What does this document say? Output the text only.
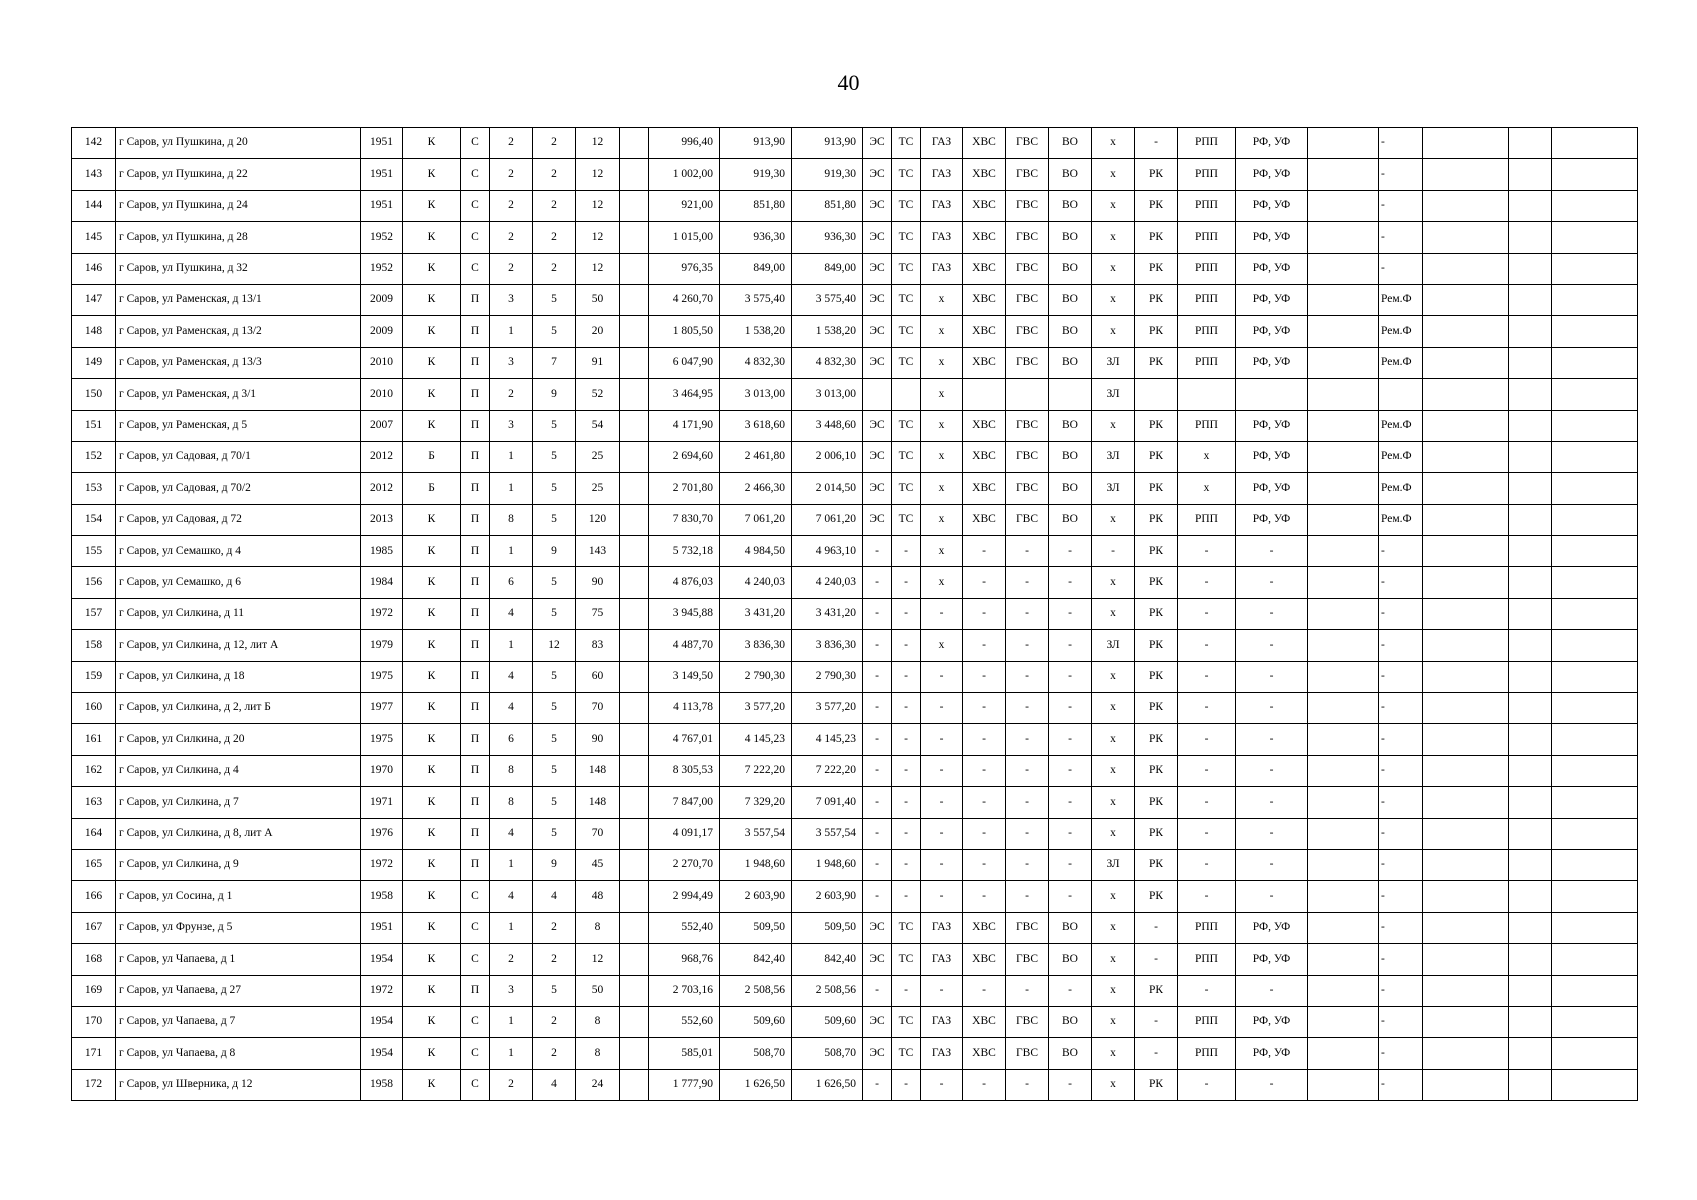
40
142	г Саров, ул Пушкина, д 20	1951	К	С	2	2	12		996,40	913,90	913,90	ЭС	ТС	ГАЗ	ХВС	ГВС	ВО	х	-	РПП	РФ, УФ		-			
143	г Саров, ул Пушкина, д 22	1951	К	С	2	2	12		1 002,00	919,30	919,30	ЭС	ТС	ГАЗ	ХВС	ГВС	ВО	х	РК	РПП	РФ, УФ		-			
144	г Саров, ул Пушкина, д 24	1951	К	С	2	2	12		921,00	851,80	851,80	ЭС	ТС	ГАЗ	ХВС	ГВС	ВО	х	РК	РПП	РФ, УФ		-			
145	г Саров, ул Пушкина, д 28	1952	К	С	2	2	12		1 015,00	936,30	936,30	ЭС	ТС	ГАЗ	ХВС	ГВС	ВО	х	РК	РПП	РФ, УФ		-			
146	г Саров, ул Пушкина, д 32	1952	К	С	2	2	12		976,35	849,00	849,00	ЭС	ТС	ГАЗ	ХВС	ГВС	ВО	х	РК	РПП	РФ, УФ		-			
147	г Саров, ул Раменская, д 13/1	2009	К	П	3	5	50		4 260,70	3 575,40	3 575,40	ЭС	ТС	х	ХВС	ГВС	ВО	х	РК	РПП	РФ, УФ		Рем.Ф			
148	г Саров, ул Раменская, д 13/2	2009	К	П	1	5	20		1 805,50	1 538,20	1 538,20	ЭС	ТС	х	ХВС	ГВС	ВО	х	РК	РПП	РФ, УФ		Рем.Ф			
149	г Саров, ул Раменская, д 13/3	2010	К	П	3	7	91		6 047,90	4 832,30	4 832,30	ЭС	ТС	х	ХВС	ГВС	ВО	ЗЛ	РК	РПП	РФ, УФ		Рем.Ф			
150	г Саров, ул Раменская, д 3/1	2010	К	П	2	9	52		3 464,95	3 013,00	3 013,00			х				ЗЛ								
151	г Саров, ул Раменская, д 5	2007	К	П	3	5	54		4 171,90	3 618,60	3 448,60	ЭС	ТС	х	ХВС	ГВС	ВО	х	РК	РПП	РФ, УФ		Рем.Ф			
152	г Саров, ул Садовая, д 70/1	2012	Б	П	1	5	25		2 694,60	2 461,80	2 006,10	ЭС	ТС	х	ХВС	ГВС	ВО	ЗЛ	РК	х	РФ, УФ		Рем.Ф			
153	г Саров, ул Садовая, д 70/2	2012	Б	П	1	5	25		2 701,80	2 466,30	2 014,50	ЭС	ТС	х	ХВС	ГВС	ВО	ЗЛ	РК	х	РФ, УФ		Рем.Ф			
154	г Саров, ул Садовая, д 72	2013	К	П	8	5	120		7 830,70	7 061,20	7 061,20	ЭС	ТС	х	ХВС	ГВС	ВО	х	РК	РПП	РФ, УФ		Рем.Ф			
155	г Саров, ул Семашко, д 4	1985	К	П	1	9	143		5 732,18	4 984,50	4 963,10	-	-	х	-	-	-	-	РК	-	-		-			
156	г Саров, ул Семашко, д 6	1984	К	П	6	5	90		4 876,03	4 240,03	4 240,03	-	-	х	-	-	-	х	РК	-	-		-			
157	г Саров, ул Силкина, д 11	1972	К	П	4	5	75		3 945,88	3 431,20	3 431,20	-	-	-	-	-	-	х	РК	-	-		-			
158	г Саров, ул Силкина, д 12, лит А	1979	К	П	1	12	83		4 487,70	3 836,30	3 836,30	-	-	х	-	-	-	ЗЛ	РК	-	-		-			
159	г Саров, ул Силкина, д 18	1975	К	П	4	5	60		3 149,50	2 790,30	2 790,30	-	-	-	-	-	-	х	РК	-	-		-			
160	г Саров, ул Силкина, д 2, лит Б	1977	К	П	4	5	70		4 113,78	3 577,20	3 577,20	-	-	-	-	-	-	х	РК	-	-		-			
161	г Саров, ул Силкина, д 20	1975	К	П	6	5	90		4 767,01	4 145,23	4 145,23	-	-	-	-	-	-	х	РК	-	-		-			
162	г Саров, ул Силкина, д 4	1970	К	П	8	5	148		8 305,53	7 222,20	7 222,20	-	-	-	-	-	-	х	РК	-	-		-			
163	г Саров, ул Силкина, д 7	1971	К	П	8	5	148		7 847,00	7 329,20	7 091,40	-	-	-	-	-	-	х	РК	-	-		-			
164	г Саров, ул Силкина, д 8, лит А	1976	К	П	4	5	70		4 091,17	3 557,54	3 557,54	-	-	-	-	-	-	х	РК	-	-		-			
165	г Саров, ул Силкина, д 9	1972	К	П	1	9	45		2 270,70	1 948,60	1 948,60	-	-	-	-	-	-	ЗЛ	РК	-	-		-			
166	г Саров, ул Сосина, д 1	1958	К	С	4	4	48		2 994,49	2 603,90	2 603,90	-	-	-	-	-	-	х	РК	-	-		-			
167	г Саров, ул Фрунзе, д 5	1951	К	С	1	2	8		552,40	509,50	509,50	ЭС	ТС	ГАЗ	ХВС	ГВС	ВО	х	-	РПП	РФ, УФ		-			
168	г Саров, ул Чапаева, д 1	1954	К	С	2	2	12		968,76	842,40	842,40	ЭС	ТС	ГАЗ	ХВС	ГВС	ВО	х	-	РПП	РФ, УФ		-			
169	г Саров, ул Чапаева, д 27	1972	К	П	3	5	50		2 703,16	2 508,56	2 508,56	-	-	-	-	-	-	х	РК	-	-		-			
170	г Саров, ул Чапаева, д 7	1954	К	С	1	2	8		552,60	509,60	509,60	ЭС	ТС	ГАЗ	ХВС	ГВС	ВО	х	-	РПП	РФ, УФ		-			
171	г Саров, ул Чапаева, д 8	1954	К	С	1	2	8		585,01	508,70	508,70	ЭС	ТС	ГАЗ	ХВС	ГВС	ВО	х	-	РПП	РФ, УФ		-			
172	г Саров, ул Шверника, д 12	1958	К	С	2	4	24		1 777,90	1 626,50	1 626,50	-	-	-	-	-	-	х	РК	-	-		-			
